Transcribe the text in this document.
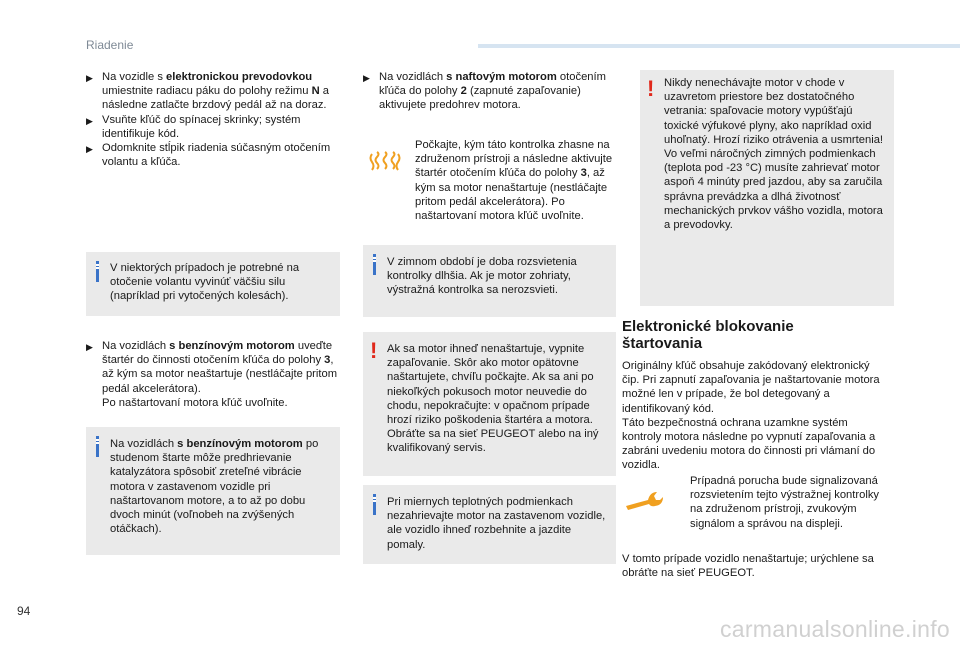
Riadenie
▶︎ Na vozidle s elektronickou prevodovkou umiestnite radiacu páku do polohy režimu N a následne zatlačte brzdový pedál až na doraz.
▶︎ Vsuňte kľúč do spínacej skrinky; systém identifikuje kód.
▶︎ Odomknite stĺpik riadenia súčasným otočením volantu a kľúča.
V niektorých prípadoch je potrebné na otočenie volantu vyvinúť väčšiu silu (napríklad pri vytočených kolesách).
▶︎ Na vozidlách s benzínovým motorom uveďte štartér do činnosti otočením kľúča do polohy 3, až kým sa motor neaštartuje (nestláčajte pritom pedál akcelerátora).
Po naštartovaní motora kľúč uvoľnite.
Na vozidlách s benzínovým motorom po studenom štarte môže predhrievanie katalyzátora spôsobiť zreteľné vibrácie motora v zastavenom vozidle pri naštartovanom motore, a to až po dobu dvoch minút (voľnobeh na zvýšených otáčkach).
▶︎ Na vozidlách s naftovým motorom otočením kľúča do polohy 2 (zapnuté zapaľovanie) aktivujete predohrev motora.
Počkajte, kým táto kontrolka zhasne na združenom prístroji a následne aktivujte štartér otočením kľúča do polohy 3, až kým sa motor nenaštartuje (nestláčajte pritom pedál akcelerátora). Po naštartovaní motora kľúč uvoľnite.
V zimnom období je doba rozsvietenia kontrolky dlhšia. Ak je motor zohriaty, výstražná kontrolka sa nerozsvieti.
! Ak sa motor ihneď nenaštartuje, vypnite zapaľovanie. Skôr ako motor opätovne naštartujete, chvíľu počkajte. Ak sa ani po niekoľkých pokusoch motor neuvedie do chodu, nepokračujte: v opačnom prípade hrozí riziko poškodenia štartéra a motora. Obráťte sa na sieť PEUGEOT alebo na iný kvalifikovaný servis.
Pri miernych teplotných podmienkach nezahrievajte motor na zastavenom vozidle, ale vozidlo ihneď rozbehnite a jazdite pomaly.
! Nikdy nenechávajte motor v chode v uzavretom priestore bez dostatočného vetrania: spaľovacie motory vypúšťajú toxické výfukové plyny, ako napríklad oxid uhoľnatý. Hrozí riziko otrávenia a usmrtenia!
Vo veľmi náročných zimných podmienkach (teplota pod -23 °C) musíte zahrievať motor aspoň 4 minúty pred jazdou, aby sa zaručila správna prevádzka a dlhá životnosť mechanických prvkov vášho vozidla, motora a prevodovky.
Elektronické blokovanie štartovania

Originálny kľúč obsahuje zakódovaný elektronický čip. Pri zapnutí zapaľovania je naštartovanie motora možné len v prípade, že bol detegovaný a identifikovaný kód.

Táto bezpečnostná ochrana uzamkne systém kontroly motora následne po vypnutí zapaľovania a zabráni uvedeniu motora do činnosti pri vlámaní do vozidla.

Prípadná porucha bude signalizovaná rozsvietením tejto výstražnej kontrolky na združenom prístroji, zvukovým signálom a správou na displeji.
V tomto prípade vozidlo nenaštartuje; urýchlene sa obráťte na sieť PEUGEOT.
94
carmanualsonline.info
